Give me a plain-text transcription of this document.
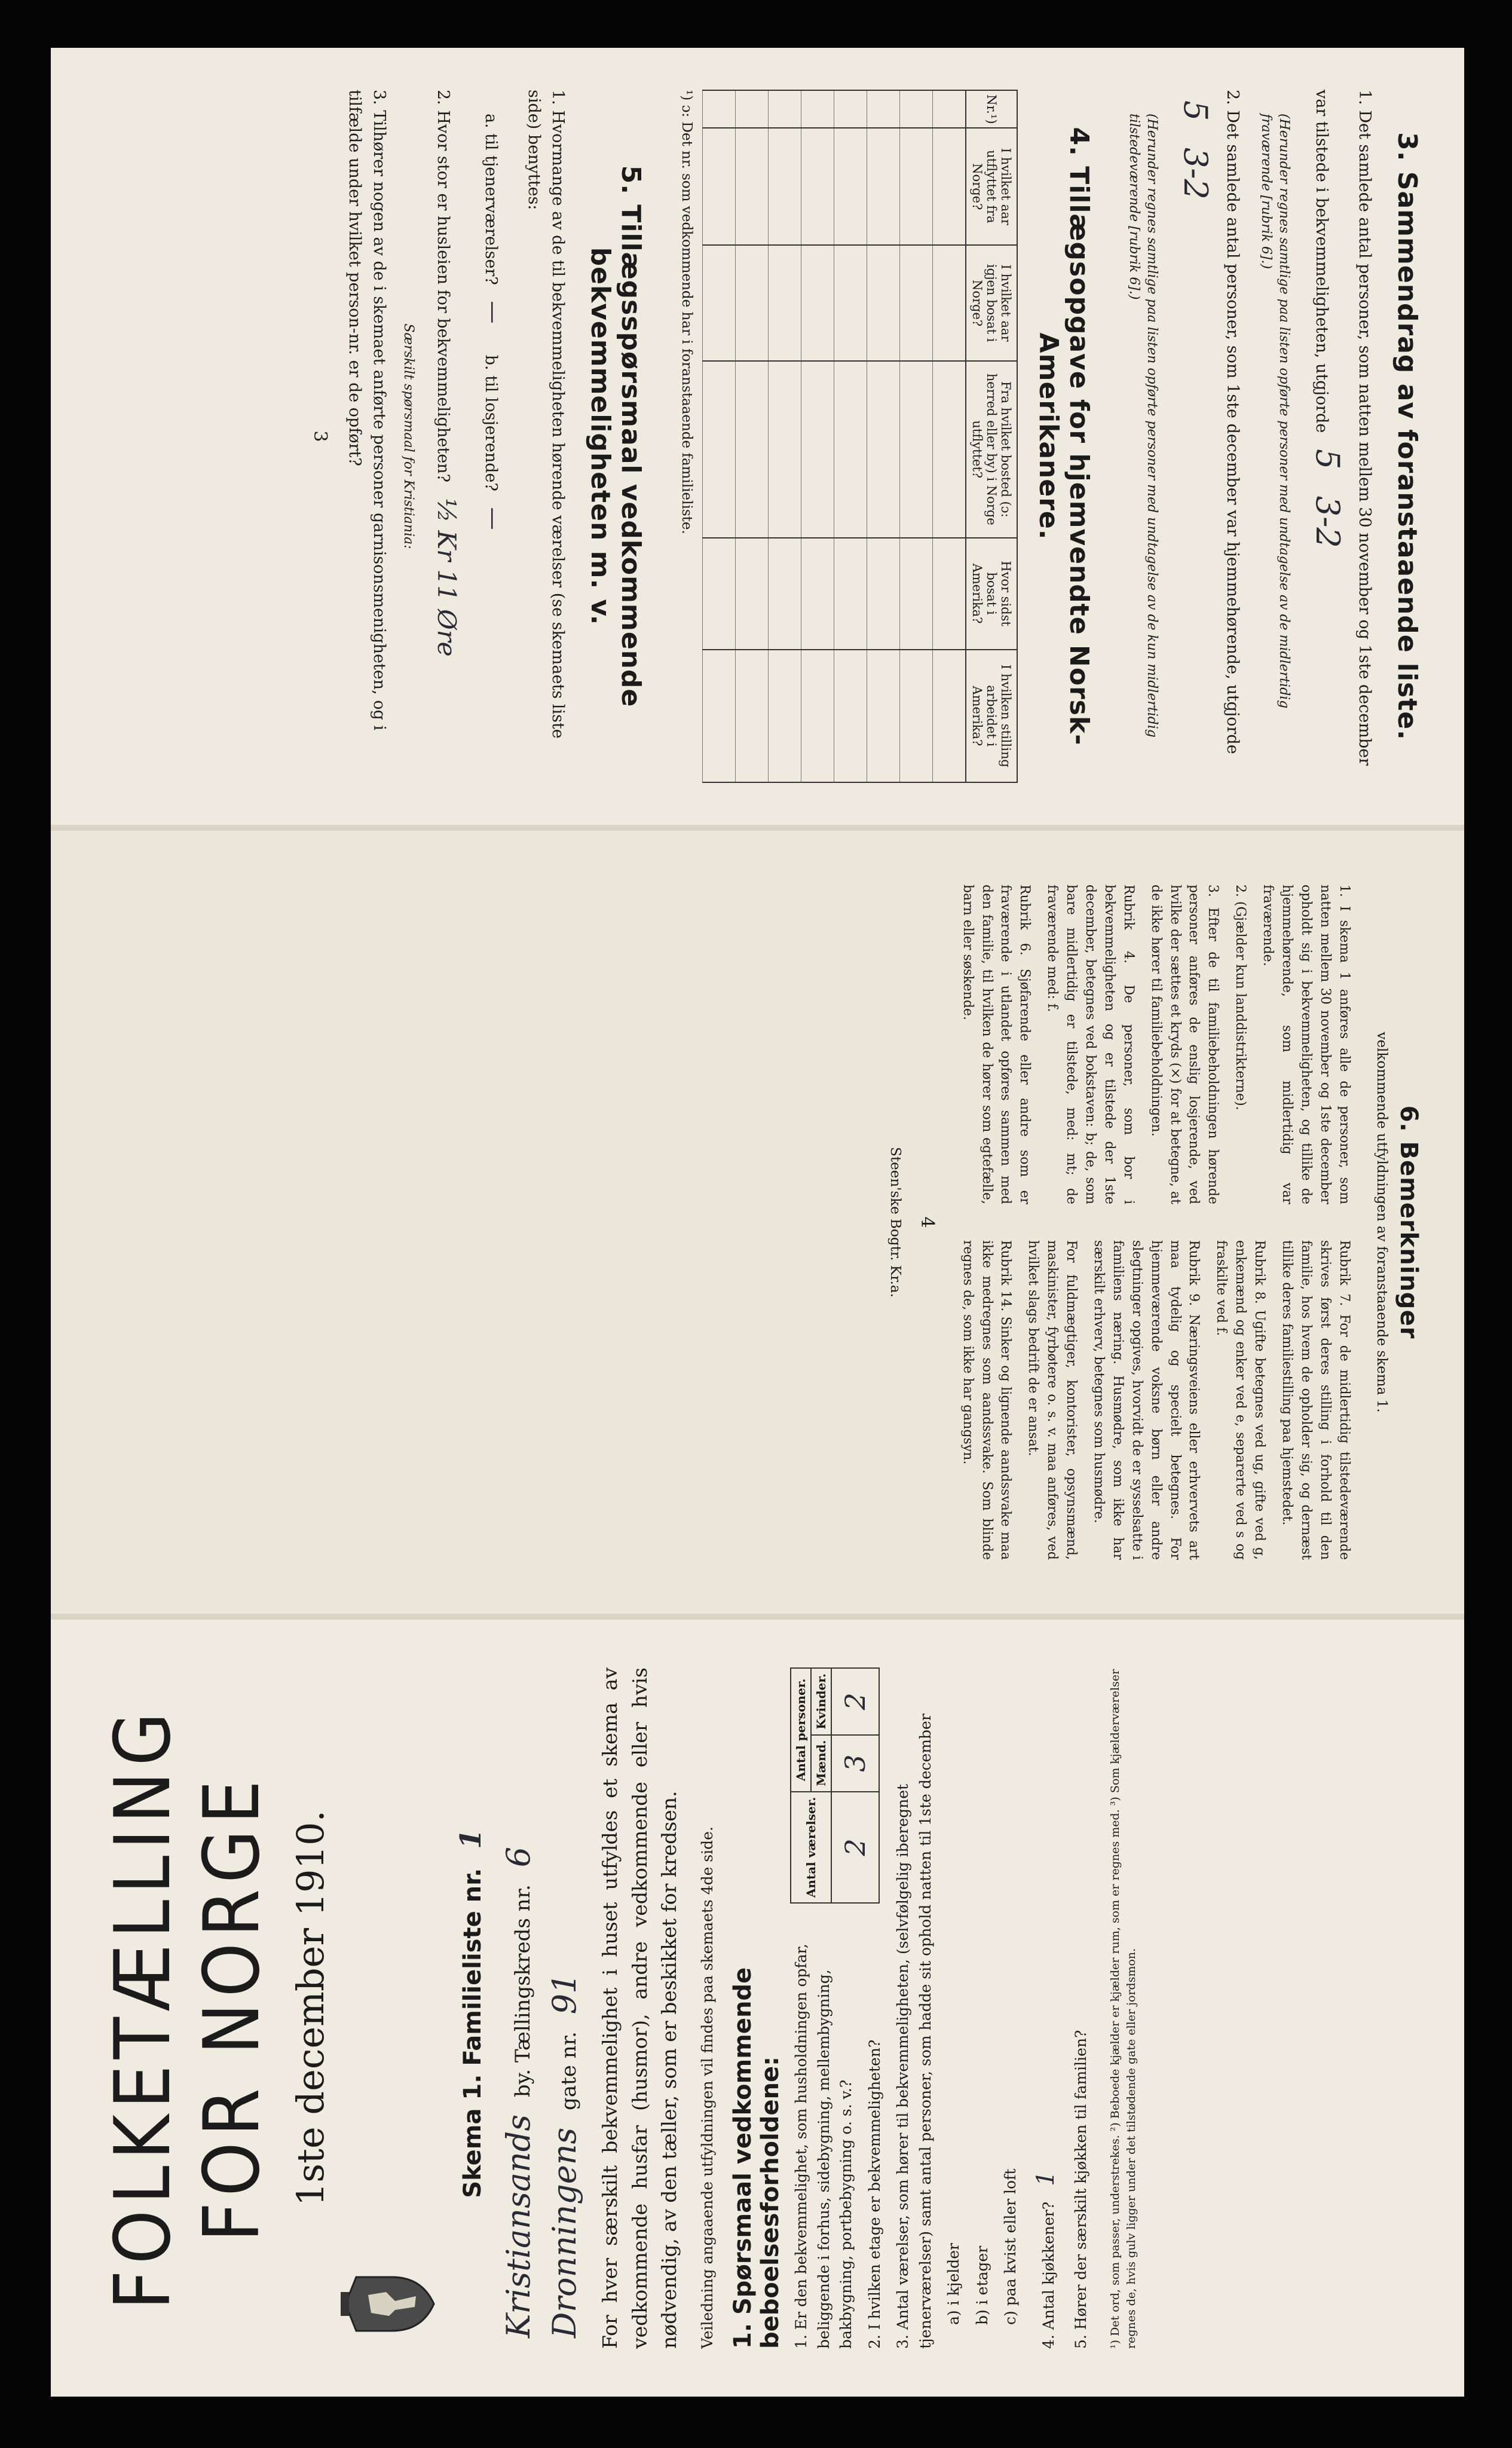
3. Sammendrag av foranstaaende liste.
1. Det samlede antal personer, som natten mellem 30 november og 1ste december var tilstede i bekvemmeligheten, utgjorde 5 3-2
(Herunder regnes samtlige paa listen opførte personer med undtagelse av de midlertidig fraværende [rubrik 6].)
2. Det samlede antal personer, som 1ste december var hjemmehørende, utgjorde 5 3-2
(Herunder regnes samtlige paa listen opførte personer med undtagelse av de kun midlertidig tilstedeværende [rubrik 6].)
4. Tillægsopgave for hjemvendte Norsk-Amerikanere.
Nr.¹)	I hvilket aar utflyttet fra Norge?	I hvilket aar igjen bosat i Norge?	Fra hvilket bosted (ɔ: herred eller by) i Norge utflyttet?	Hvor sidst bosat i Amerika?	I hvilken stilling arbeidet i Amerika?

¹) ɔ: Det nr. som vedkommende har i foranstaaende familieliste.
5. Tillægsspørsmaal vedkommende bekvemmeligheten m. v.
1. Hvormange av de til bekvemmeligheten hørende værelser (se skemaets liste side) benyttes:
a. til tjenerværelser? —    b. til losjerende? —
2. Hvor stor er husleien for bekvemmeligheten? ½ Kr 11 Øre
Særskilt spørsmaal for Kristiania:
3. Tilhører nogen av de i skemaet anførte personer garnisonsmenigheten, og i tilfælde under hvilket person-nr. er de opført?
3
6. Bemerkninger
velkommende utfyldningen av foranstaaende skema 1.

1. I skema 1 anføres alle de personer, som natten mellem 30 november og 1ste december opholdt sig i bekvemmeligheten, og tillike de hjemmehørende, som midlertidig var fraværende.

2. (Gjælder kun landdistrikterne).

3. Efter de til familiebeholdningen hørende personer anføres de enslig losjerende, ved hvilke der sættes et kryds (×) for at betegne, at de ikke hører til familiebeholdningen.

Rubrik 4. De personer, som bor i bekvemmeligheten og er tilstede der 1ste december, betegnes ved bokstaven: b; de, som bare midlertidig er tilstede, med: mt; de fraværende med: f.

Rubrik 6. Sjøfarende eller andre som er fraværende i utlandet opføres sammen med den familie, til hvilken de hører som egtefælle, barn eller søskende.

Rubrik 7. For de midlertidig tilstedeværende skrives først deres stilling i forhold til den familie, hos hvem de opholder sig, og dernæst tillike deres familiestilling paa hjemstedet.

Rubrik 8. Ugifte betegnes ved ug, gifte ved g, enkemænd og enker ved e, separerte ved s og fraskilte ved f.

Rubrik 9. Næringsveiens eller erhvervets art maa tydelig og specielt betegnes. For hjemmeværende voksne børn eller andre slegtninger opgives, hvorvidt de er sysselsatte i familiens næring. Husmødre, som ikke har særskilt erhverv, betegnes som husmødre.

For fuldmægtiger, kontorister, opsynsmænd, maskinister, fyrbøtere o. s. v. maa anføres, ved hvilket slags bedrift de er ansat.

Rubrik 14. Sinker og lignende aandssvake maa ikke medregnes som aandssvake. Som blinde regnes de, som ikke har gangsyn.

4
Steen'ske Bogtr. Kr.a.
FOLKETÆLLING FOR NORGE 1ste december 1910.	Skema 1. Familieliste nr. 1
Kristiansands by. Tællingskreds nr. 6
Dronningens gate nr. 91 For hver særskilt bekvemmelighet i huset utfyldes et skema av vedkommende husfar (husmor), andre vedkommende eller hvis nødvendig, av den tæller, som er beskikket for kredsen. Veiledning angaaende utfyldningen vil findes paa skemaets 4de side. 1. Spørsmaal vedkommende beboelsesforholdene:
Antal værelser.	Antal personer.	
	Mænd.	Kvinder.
2	3	2
1. Er den bekvemmelighet, som husholdningen opfar, beliggende i forhus, sidebygning, mellembygning, bakbygning, portbebygning o. s. v.? 2. I hvilken etage er bekvemmeligheten? 3. Antal værelser, som hører til bekvemmeligheten, (selvfølgelig iberegnet tjenerværelser) samt antal personer, som hadde sit ophold natten til 1ste december a) i kjelder b) i etager c) paa kvist eller loft	4. Antal kjøkkener? 1 5. Hører der særskilt kjøkken til familien? ¹) Det ord, som passer, understrekes. ²) Beboede kjælder er kjælder rum, som er regnes med. ³) Som kjælderværelser regnes de, hvis gulv ligger under det tilstødende gate eller jordsmon.
